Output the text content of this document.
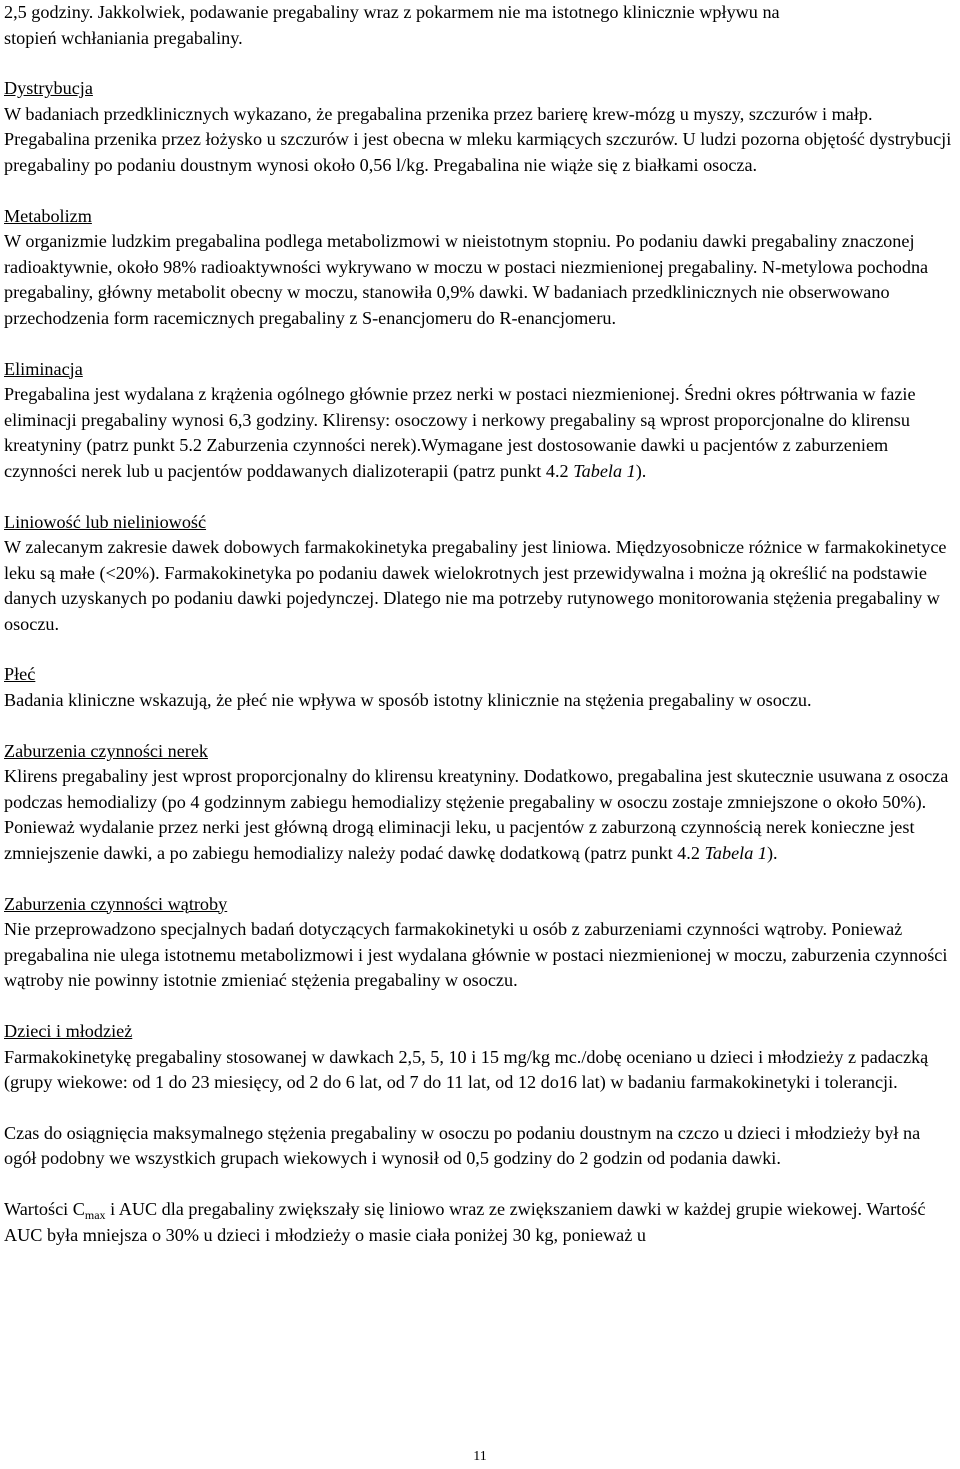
2,5 godziny. Jakkolwiek, podawanie pregabaliny wraz z pokarmem nie ma istotnego klinicznie wpływu na
stopień wchłaniania pregabaliny.

Dystrybucja

W badaniach przedklinicznych wykazano, że pregabalina przenika przez barierę krew-mózg u myszy, szczurów i małp. Pregabalina przenika przez łożysko u szczurów i jest obecna w mleku karmiących szczurów. U ludzi pozorna objętość dystrybucji pregabaliny po podaniu doustnym wynosi około 0,56 l/kg. Pregabalina nie wiąże się z białkami osocza.

Metabolizm

W organizmie ludzkim pregabalina podlega metabolizmowi w nieistotnym stopniu. Po podaniu dawki pregabaliny znaczonej radioaktywnie, około 98% radioaktywności wykrywano w moczu w postaci niezmienionej pregabaliny. N-metylowa pochodna pregabaliny, główny metabolit obecny w moczu, stanowiła 0,9% dawki. W badaniach przedklinicznych nie obserwowano przechodzenia form racemicznych pregabaliny z S-enancjomeru do R-enancjomeru.

Eliminacja

Pregabalina jest wydalana z krążenia ogólnego głównie przez nerki w postaci niezmienionej. Średni okres półtrwania w fazie eliminacji pregabaliny wynosi 6,3 godziny. Klirensy: osoczowy i nerkowy pregabaliny są wprost proporcjonalne do klirensu kreatyniny (patrz punkt 5.2 Zaburzenia czynności nerek).Wymagane jest dostosowanie dawki u pacjentów z zaburzeniem czynności nerek lub u pacjentów poddawanych dializoterapii (patrz punkt 4.2 Tabela 1).

Liniowość lub nieliniowość

W zalecanym zakresie dawek dobowych farmakokinetyka pregabaliny jest liniowa. Międzyosobnicze różnice w farmakokinetyce leku są małe (<20%). Farmakokinetyka po podaniu dawek wielokrotnych jest przewidywalna i można ją określić na podstawie danych uzyskanych po podaniu dawki pojedynczej. Dlatego nie ma potrzeby rutynowego monitorowania stężenia pregabaliny w osoczu.

Płeć

Badania kliniczne wskazują, że płeć nie wpływa w sposób istotny klinicznie na stężenia pregabaliny w osoczu.

Zaburzenia czynności nerek

Klirens pregabaliny jest wprost proporcjonalny do klirensu kreatyniny. Dodatkowo, pregabalina jest skutecznie usuwana z osocza podczas hemodializy (po 4 godzinnym zabiegu hemodializy stężenie pregabaliny w osoczu zostaje zmniejszone o około 50%). Ponieważ wydalanie przez nerki jest główną drogą eliminacji leku, u pacjentów z zaburzoną czynnością nerek konieczne jest zmniejszenie dawki, a po zabiegu hemodializy należy podać dawkę dodatkową (patrz punkt 4.2 Tabela 1).

Zaburzenia czynności wątroby

Nie przeprowadzono specjalnych badań dotyczących farmakokinetyki u osób z zaburzeniami czynności wątroby. Ponieważ pregabalina nie ulega istotnemu metabolizmowi i jest wydalana głównie w postaci niezmienionej w moczu, zaburzenia czynności wątroby nie powinny istotnie zmieniać stężenia pregabaliny w osoczu.

Dzieci i młodzież

Farmakokinetykę pregabaliny stosowanej w dawkach 2,5, 5, 10 i 15 mg/kg mc./dobę oceniano u dzieci i młodzieży z padaczką (grupy wiekowe: od 1 do 23 miesięcy, od 2 do 6 lat, od 7 do 11 lat, od 12 do16 lat) w badaniu farmakokinetyki i tolerancji.

Czas do osiągnięcia maksymalnego stężenia pregabaliny w osoczu po podaniu doustnym na czczo u dzieci i młodzieży był na ogół podobny we wszystkich grupach wiekowych i wynosił od 0,5 godziny do 2 godzin od podania dawki.

Wartości $C_{max}$ i AUC dla pregabaliny zwiększały się liniowo wraz ze zwiększaniem dawki w każdej grupie wiekowej. Wartość AUC była mniejsza o 30% u dzieci i młodzieży o masie ciała poniżej 30 kg, ponieważ u

11
